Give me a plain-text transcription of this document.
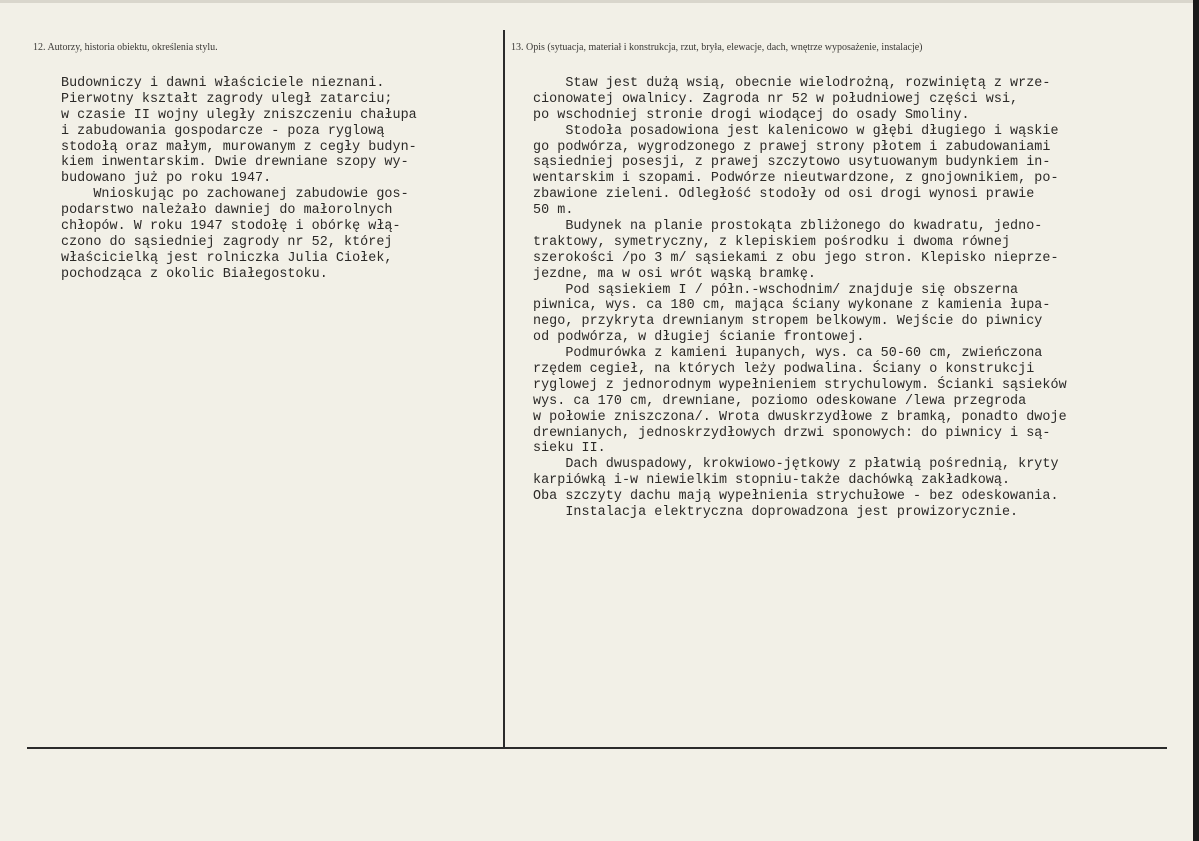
12. Autorzy, historia obiektu, określenia stylu.	13. Opis (sytuacja, materiał i konstrukcja, rzut, bryła, elewacje, dach, wnętrze wyposażenie, instalacje)
Budowniczy i dawni właściciele nieznani.
Pierwotny kształt zagrody uległ zatarciu;
w czasie II wojny uległy zniszczeniu chałupa
i zabudowania gospodarcze - poza ryglową
stodołą oraz małym, murowanym z cegły budyn-
kiem inwentarskim. Dwie drewniane szopy wy-
budowano już po roku 1947.
Wnioskując po zachowanej zabudowie gos-
podarstwo należało dawniej do małorolnych
chłopów. W roku 1947 stodołę i obórkę włą-
czono do sąsiedniej zagrody nr 52, której
właścicielką jest rolniczka Julia Ciołek,
pochodząca z okolic Białegostoku.
Staw jest dużą wsią, obecnie wielodrożną, rozwiniętą z wrze-
cionowatej owalnicy. Zagroda nr 52 w południowej części wsi,
po wschodniej stronie drogi wiodącej do osady Smoliny.
Stodoła posadowiona jest kalenicowo w głębi długiego i wąskie
go podwórza, wygrodzonego z prawej strony płotem i zabudowaniami
sąsiedniej posesji, z prawej szczytowo usytuowanym budynkiem in-
wentarskim i szopami. Podwórze nieutwardzone, z gnojownikiem, po-
zbawione zieleni. Odległość stodoły od osi drogi wynosi prawie
50 m.
Budynek na planie prostokąta zbliżonego do kwadratu, jedno-
traktowy, symetryczny, z klepiskiem pośrodku i dwoma równej
szerokości /po 3 m/ sąsiekami z obu jego stron. Klepisko nieprze-
jezdne, ma w osi wrót wąską bramkę.
Pod sąsiekiem I / półn.-wschodnim/ znajduje się obszerna
piwnica, wys. ca 180 cm, mająca ściany wykonane z kamienia łupa-
nego, przykryta drewnianym stropem belkowym. Wejście do piwnicy
od podwórza, w długiej ścianie frontowej.
Podmurówka z kamieni łupanych, wys. ca 50-60 cm, zwieńczona
rzędem cegieł, na których leży podwalina. Ściany o konstrukcji
ryglowej z jednorodnym wypełnieniem strychulowym. Ścianki sąsieków
wys. ca 170 cm, drewniane, poziomo odeskowane /lewa przegroda
w połowie zniszczona/. Wrota dwuskrzydłowe z bramką, ponadto dwoje
drewnianych, jednoskrzydłowych drzwi sponowych: do piwnicy i są-
sieku II.
Dach dwuspadowy, krokwiowo-jętkowy z płatwią pośrednią, kryty
karpiówką i-w niewielkim stopniu-także dachówką zakładkową.
Oba szczyty dachu mają wypełnienia strychułowe - bez odeskowania.
Instalacja elektryczna doprowadzona jest prowizorycznie.
